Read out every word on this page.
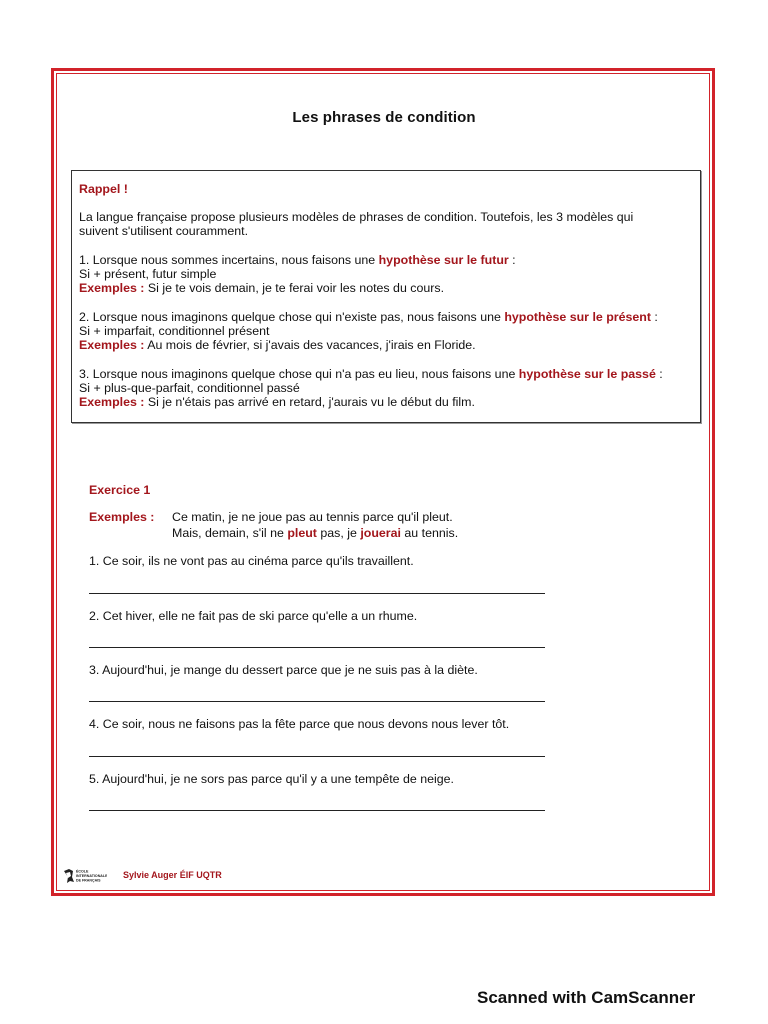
Les phrases de condition
Rappel !
La langue française propose plusieurs modèles de phrases de condition. Toutefois, les 3 modèles qui
suivent s'utilisent couramment.
1. Lorsque nous sommes incertains, nous faisons une hypothèse sur le futur :
Si + présent, futur simple
Exemples : Si je te vois demain, je te ferai voir les notes du cours.
2. Lorsque nous imaginons quelque chose qui n'existe pas, nous faisons une hypothèse sur le présent :
Si + imparfait, conditionnel présent
Exemples : Au mois de février, si j'avais des vacances, j'irais en Floride.
3. Lorsque nous imaginons quelque chose qui n'a pas eu lieu, nous faisons une hypothèse sur le passé :
Si + plus-que-parfait, conditionnel passé
Exemples : Si je n'étais pas arrivé en retard, j'aurais vu le début du film.
Exercice 1
Exemples : Ce matin, je ne joue pas au tennis parce qu'il pleut.
Mais, demain, s'il ne pleut pas, je jouerai au tennis.
1. Ce soir, ils ne vont pas au cinéma parce qu'ils travaillent.
2. Cet hiver, elle ne fait pas de ski parce qu'elle a un rhume.
3. Aujourd'hui, je mange du dessert parce que je ne suis pas à la diète.
4. Ce soir, nous ne faisons pas la fête parce que nous devons nous lever tôt.
5. Aujourd'hui, je ne sors pas parce qu'il y a une tempête de neige.
ÉCOLE
INTERNATIONALE
DE FRANÇAIS
Sylvie Auger ÉIF UQTR
Scanned with CamScanner
